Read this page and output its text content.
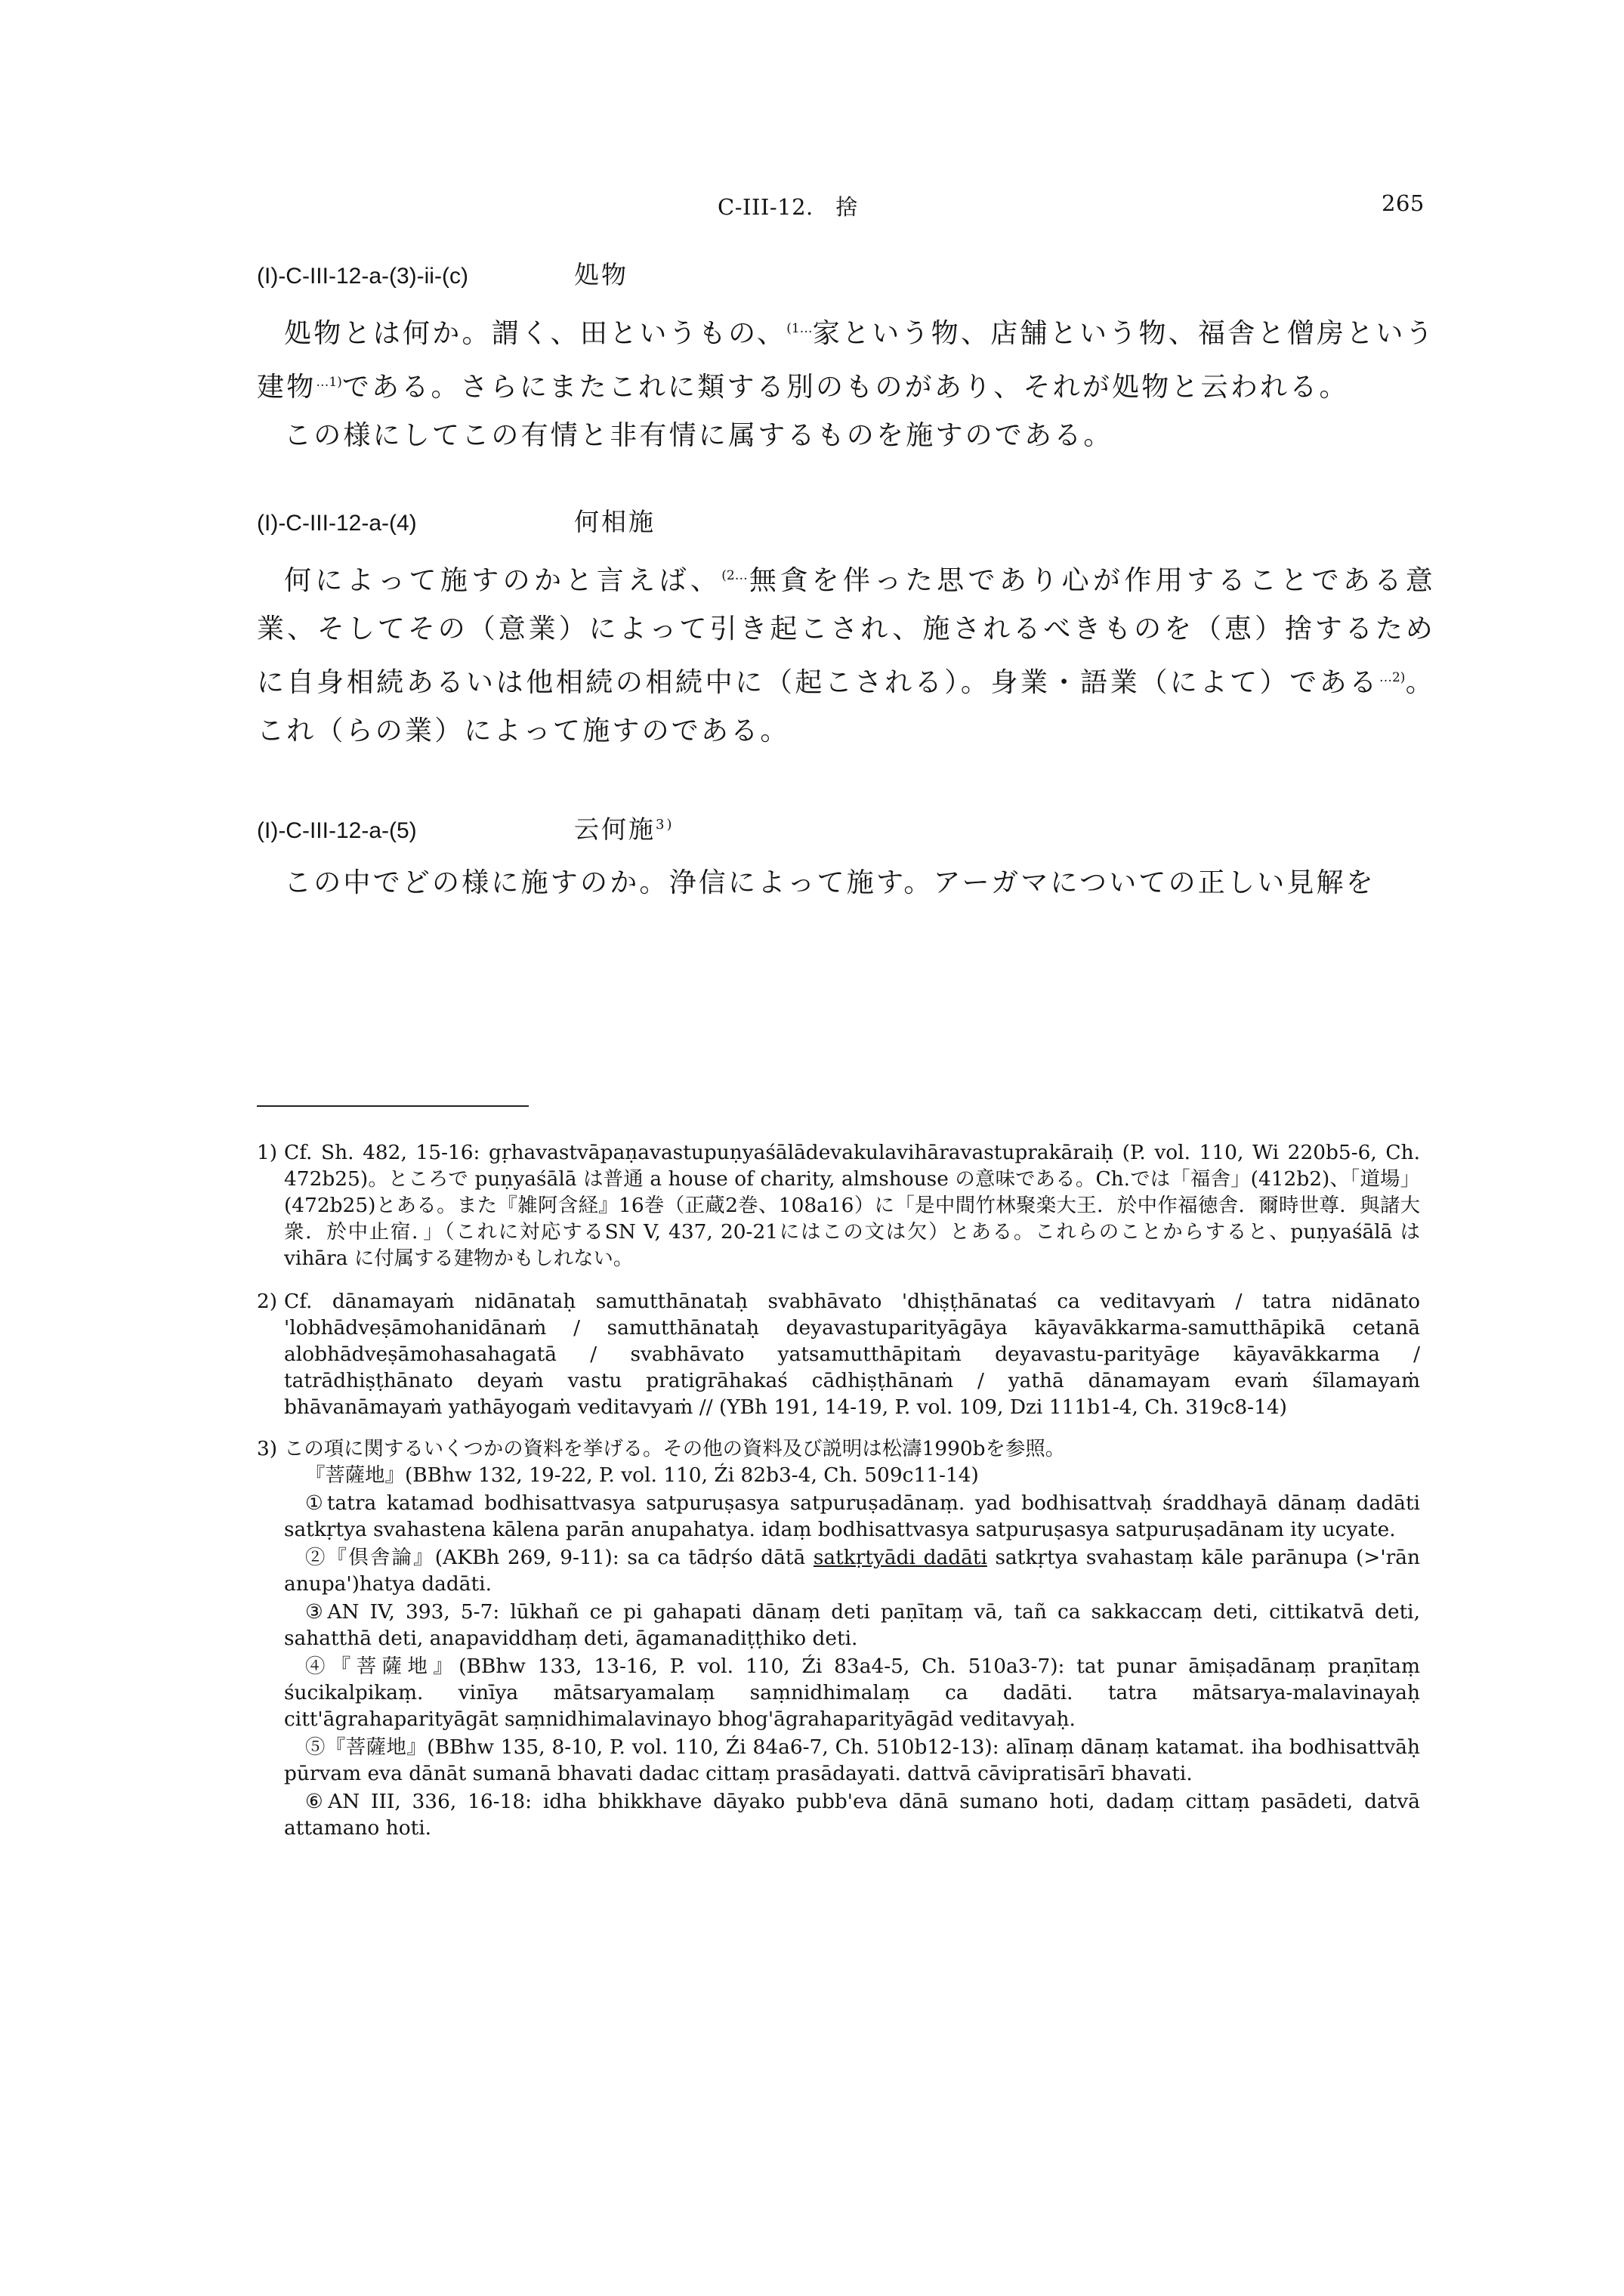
C-III-12.　捨	265
(I)-C-III-12-a-(3)-ii-(c)	処物

処物とは何か。謂く、田というもの、$^{(1\dots}$家という物、店舗という物、福舎と僧房という建物$^{\dots 1)}$である。さらにまたこれに類する別のものがあり、それが処物と云われる。

この様にしてこの有情と非有情に属するものを施すのである。

(I)-C-III-12-a-(4)	何相施

何によって施すのかと言えば、$^{(2\dots}$無貪を伴った思であり心が作用することである意業、そしてその（意業）によって引き起こされ、施されるべきものを（恵）捨するために自身相続あるいは他相続の相続中に（起こされる）。身業・語業（によて）である$^{\dots 2)}$。これ（らの業）によって施すのである。

(I)-C-III-12-a-(5)	云何施$^{3)}$

この中でどの様に施すのか。浄信によって施す。アーガマについての正しい見解を

1) Cf. Sh. 482, 15-16: gṛhavastvāpaṇavastupuṇyaśālādevakulavihāravastuprakāraiḥ (P. vol. 110, Wi 220b5-6, Ch. 472b25)。ところで puṇyaśālā は普通 a house of charity, almshouse の意味である。Ch.では「福舎」(412b2)、「道場」(472b25)とある。また『雑阿含経』16巻（正蔵2巻、108a16）に「是中間竹林聚楽大王．於中作福徳舎．爾時世尊．與諸大衆．於中止宿．」（これに対応するSN V, 437, 20-21にはこの文は欠）とある。これらのことからすると、puṇyaśālā は vihāra に付属する建物かもしれない。

2) Cf. dānamayaṁ nidānataḥ samutthānataḥ svabhāvato 'dhiṣṭhānataś ca veditavyaṁ / tatra nidānato 'lobhādveṣāmohanidānaṁ / samutthānataḥ deyavastuparityāgāya kāyavākkarma-samutthāpikā cetanā alobhādveṣāmohasahagatā / svabhāvato yatsamutthāpitaṁ deyavastu-parityāge kāyavākkarma / tatrādhiṣṭhānato deyaṁ vastu pratigrāhakaś cādhiṣṭhānaṁ / yathā dānamayam evaṁ śīlamayaṁ bhāvanāmayaṁ yathāyogaṁ veditavyaṁ // (YBh 191, 14-19, P. vol. 109, Dzi 111b1-4, Ch. 319c8-14)

3) この項に関するいくつかの資料を挙げる。その他の資料及び説明は松濤1990bを参照。

『菩薩地』(BBhw 132, 19-22, P. vol. 110, Źi 82b3-4, Ch. 509c11-14)

①tatra katamad bodhisattvasya satpuruṣasya satpuruṣadānaṃ. yad bodhisattvaḥ śraddhayā dānaṃ dadāti satkṛtya svahastena kālena parān anupahatya. idaṃ bodhisattvasya satpuruṣasya satpuruṣadānam ity ucyate.

②『倶舎論』(AKBh 269, 9-11): sa ca tādṛśo dātā satkṛtyādi dadāti satkṛtya svahastaṃ kāle parānupa (>'rān anupa')hatya dadāti.

③AN IV, 393, 5-7: lūkhañ ce pi gahapati dānaṃ deti paṇītaṃ vā, tañ ca sakkaccaṃ deti, cittikatvā deti, sahatthā deti, anapaviddhaṃ deti, āgamanadiṭṭhiko deti.

④『菩薩地』(BBhw 133, 13-16, P. vol. 110, Źi 83a4-5, Ch. 510a3-7): tat punar āmiṣadānaṃ praṇītaṃ śucikalpikaṃ. vinīya mātsaryamalaṃ saṃnidhimalaṃ ca dadāti. tatra mātsarya-malavinayaḥ citt'āgrahaparityāgāt saṃnidhimalavinayo bhog'āgrahaparityāgād veditavyaḥ.

⑤『菩薩地』(BBhw 135, 8-10, P. vol. 110, Źi 84a6-7, Ch. 510b12-13): alīnaṃ dānaṃ katamat. iha bodhisattvāḥ pūrvam eva dānāt sumanā bhavati dadac cittaṃ prasādayati. dattvā cāvipratisārī bhavati.

⑥AN III, 336, 16-18: idha bhikkhave dāyako pubb'eva dānā sumano hoti, dadaṃ cittaṃ pasādeti, datvā attamano hoti.
